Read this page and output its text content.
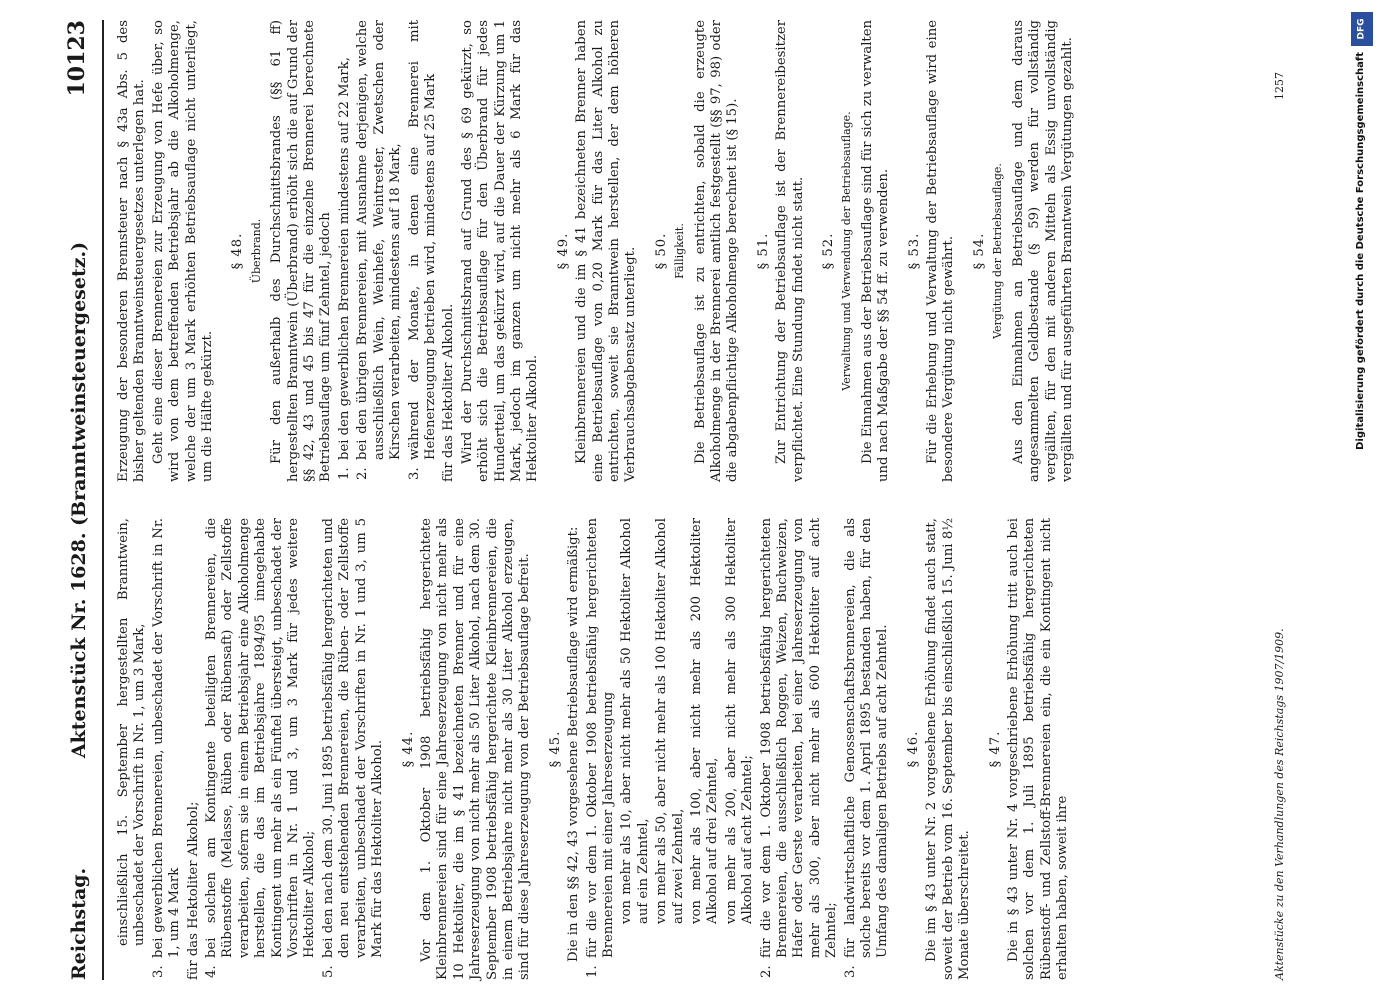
Reichstag.
Aktenstück Nr. 1628. (Branntweinsteuergesetz.)
10123

einschließlich 15. September hergestellten Branntwein, unbeschadet der Vorschrift in Nr. 1, um 3 Mark,

3.
bei gewerblichen Brennereien, unbeschadet der Vorschrift in Nr. 1, um 4 Mark für das Hektoliter Alkohol; 4.
bei solchen am Kontingente beteiligten Brennereien, die Rübenstoffe (Melasse, Rüben oder Rübensaft) oder Zellstoffe verarbeiten, sofern sie in einem Betriebsjahr eine Alkoholmenge herstellen, die das im Betriebsjahre 1894/95 innegehabte Kontingent um mehr als ein Fünftel übersteigt, unbeschadet der Vorschriften in Nr. 1 und 3, um 3 Mark für jedes weitere Hektoliter Alkohol;

5.
bei den nach dem 30. Juni 1895 betriebsfähig hergerichteten und den neu entstehenden Brennereien, die Rüben- oder Zellstoffe verarbeiten, unbeschadet der Vorschriften in Nr. 1 und 3, um 5 Mark für das Hektoliter Alkohol. § 44. Vor dem 1. Oktober 1908 betriebsfähig hergerichtete Kleinbrennereien sind für eine Jahreserzeugung von nicht mehr als 10 Hektoliter, die im § 41 bezeichneten Brenner und für eine Jahreserzeugung von nicht mehr als 50 Liter Alkohol, nach dem 30. September 1908 betriebsfähig hergerichtete Kleinbrennereien, die in einem Betriebsjahre nicht mehr als 30 Liter Alkohol erzeugen, sind für diese Jahreserzeugung von der Betriebsauflage befreit. § 45. Die in den §§ 42, 43 vorgesehene Betriebsauflage wird ermäßigt:

1.
für die vor dem 1. Oktober 1908 betriebsfähig hergerichteten Brennereien mit einer Jahreserzeugung von mehr als 10, aber nicht mehr als 50 Hektoliter Alkohol auf ein Zehntel, von mehr als 50, aber nicht mehr als 100 Hektoliter Alkohol auf zwei Zehntel, von mehr als 100, aber nicht mehr als 200 Hektoliter Alkohol auf drei Zehntel, von mehr als 200, aber nicht mehr als 300 Hektoliter Alkohol auf acht Zehntel;

2.
für die vor dem 1. Oktober 1908 betriebsfähig hergerichteten Brennereien, die ausschließlich Roggen, Weizen, Buchweizen, Hafer oder Gerste verarbeiten, bei einer Jahreserzeugung von mehr als 300, aber nicht mehr als 600 Hektoliter auf acht Zehntel;

3.
für landwirtschaftliche Genossenschaftsbrennereien, die als solche bereits vor dem 1. April 1895 bestanden haben, für den Umfang des damaligen Betriebs auf acht Zehntel. § 46. Die im § 43 unter Nr. 2 vorgesehene Erhöhung findet auch statt, soweit der Betrieb vom 16. September bis einschließlich 15. Juni 8½ Monate überschreitet.

§ 47. Die in § 43 unter Nr. 4 vorgeschriebene Erhöhung tritt auch bei solchen vor dem 1. Juli 1895 betriebsfähig hergerichteten Rübenstoff- und Zellstoff-Brennereien ein, die ein Kontingent nicht erhalten haben, soweit ihre

Erzeugung der besonderen Brennsteuer nach § 43a Abs. 5 des bisher geltenden Branntweinsteuergesetzes unterlegen hat. Geht eine dieser Brennereien zur Erzeugung von Hefe über, so wird von dem betreffenden Betriebsjahr ab die Alkoholmenge, welche der um 3 Mark erhöhten Betriebsauflage nicht unterliegt, um die Hälfte gekürzt.

§ 48. Überbrand. Für den außerhalb des Durchschnittsbrandes (§§ 61 ff) hergestellten Branntwein (Überbrand) erhöht sich die auf Grund der §§ 42, 43 und 45 bis 47 für die einzelne Brennerei berechnete Betriebsauflage um fünf Zehntel, jedoch 1.
bei den gewerblichen Brennereien mindestens auf 22 Mark,

2.
bei den übrigen Brennereien, mit Ausnahme derjenigen, welche ausschließlich Wein, Weinhefe, Weintrester, Zwetschen oder Kirschen verarbeiten, mindestens auf 18 Mark,

3.
während der Monate, in denen eine Brennerei mit Hefenerzeugung betrieben wird, mindestens auf 25 Mark für das Hektoliter Alkohol. Wird der Durchschnittsbrand auf Grund des § 69 gekürzt, so erhöht sich die Betriebsauflage für den Überbrand für jedes Hundertteil, um das gekürzt wird, auf die Dauer der Kürzung um 1 Mark, jedoch im ganzen um nicht mehr als 6 Mark für das Hektoliter Alkohol.

§ 49. Kleinbrennereien und die im § 41 bezeichneten Brenner haben eine Betriebsauflage von 0,20 Mark für das Liter Alkohol zu entrichten, soweit sie Branntwein herstellen, der dem höheren Verbrauchsabgabensatz unterliegt. § 50. Fälligkeit. Die Betriebsauflage ist zu entrichten, sobald die erzeugte Alkoholmenge in der Brennerei amtlich festgestellt (§§ 97, 98) oder die abgabenpflichtige Alkoholmenge berechnet ist (§ 15). § 51. Zur Entrichtung der Betriebsauflage ist der Brennereibesitzer verpflichtet. Eine Stundung findet nicht statt. § 52. Verwaltung und Verwendung der Betriebsauflage. Die Einnahmen aus der Betriebsauflage sind für sich zu verwalten und nach Maßgabe der §§ 54 ff. zu verwenden. § 53. Für die Erhebung und Verwaltung der Betriebsauflage wird eine besondere Vergütung nicht gewährt. § 54. Vergütung der Betriebsauflage. Aus den Einnahmen an Betriebsauflage und dem daraus angesammelten Geldbestande (§ 59) werden für vollständig vergällten, für den mit anderen Mitteln als Essig unvollständig vergällten und für ausgeführten Branntwein Vergütungen gezahlt.

Aktenstücke zu den Verhandlungen des Reichstags 1907/1909.
1257
DFG
Digitalisierung gefördert durch die Deutsche Forschungsgemeinschaft
